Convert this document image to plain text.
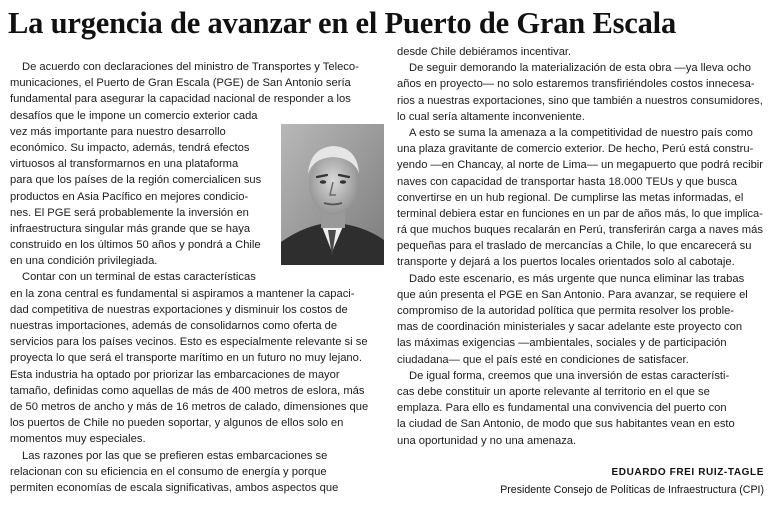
La urgencia de avanzar en el Puerto de Gran Escala
De acuerdo con declaraciones del ministro de Transportes y Teleco-
municaciones, el Puerto de Gran Escala (PGE) de San Antonio sería
fundamental para asegurar la capacidad nacional de responder a los
desafíos que le impone un comercio exterior cada
vez más importante para nuestro desarrollo
económico. Su impacto, además, tendrá efectos
virtuosos al transformarnos en una plataforma
para que los países de la región comercialicen sus
productos en Asia Pacífico en mejores condicio-
nes. El PGE será probablemente la inversión en
infraestructura singular más grande que se haya
construido en los últimos 50 años y pondrá a Chile
en una condición privilegiada.
Contar con un terminal de estas características
en la zona central es fundamental si aspiramos a mantener la capaci-
dad competitiva de nuestras exportaciones y disminuir los costos de
nuestras importaciones, además de consolidarnos como oferta de
servicios para los países vecinos. Esto es especialmente relevante si se
proyecta lo que será el transporte marítimo en un futuro no muy lejano.
Esta industria ha optado por priorizar las embarcaciones de mayor
tamaño, definidas como aquellas de más de 400 metros de eslora, más
de 50 metros de ancho y más de 16 metros de calado, dimensiones que
los puertos de Chile no pueden soportar, y algunos de ellos solo en
momentos muy especiales.
Las razones por las que se prefieren estas embarcaciones se
relacionan con su eficiencia en el consumo de energía y porque
permiten economías de escala significativas, ambos aspectos que
desde Chile debiéramos incentivar.
De seguir demorando la materialización de esta obra —ya lleva ocho
años en proyecto— no solo estaremos transfiriéndoles costos innecesa-
rios a nuestras exportaciones, sino que también a nuestros consumidores,
lo cual sería altamente inconveniente.
A esto se suma la amenaza a la competitividad de nuestro país como
una plaza gravitante de comercio exterior. De hecho, Perú está constru-
yendo —en Chancay, al norte de Lima— un megapuerto que podrá recibir
naves con capacidad de transportar hasta 18.000 TEUs y que busca
convertirse en un hub regional. De cumplirse las metas informadas, el
terminal debiera estar en funciones en un par de años más, lo que implica-
rá que muchos buques recalarán en Perú, transferirán carga a naves más
pequeñas para el traslado de mercancías a Chile, lo que encarecerá su
transporte y dejará a los puertos locales orientados solo al cabotaje.
Dado este escenario, es más urgente que nunca eliminar las trabas
que aún presenta el PGE en San Antonio. Para avanzar, se requiere el
compromiso de la autoridad política que permita resolver los proble-
mas de coordinación ministeriales y sacar adelante este proyecto con
las máximas exigencias —ambientales, sociales y de participación
ciudadana— que el país esté en condiciones de satisfacer.
De igual forma, creemos que una inversión de estas característi-
cas debe constituir un aporte relevante al territorio en el que se
emplaza. Para ello es fundamental una convivencia del puerto con
la ciudad de San Antonio, de modo que sus habitantes vean en esto
una oportunidad y no una amenaza.
EDUARDO FREI RUIZ-TAGLE
Presidente Consejo de Políticas de Infraestructura (CPI)
